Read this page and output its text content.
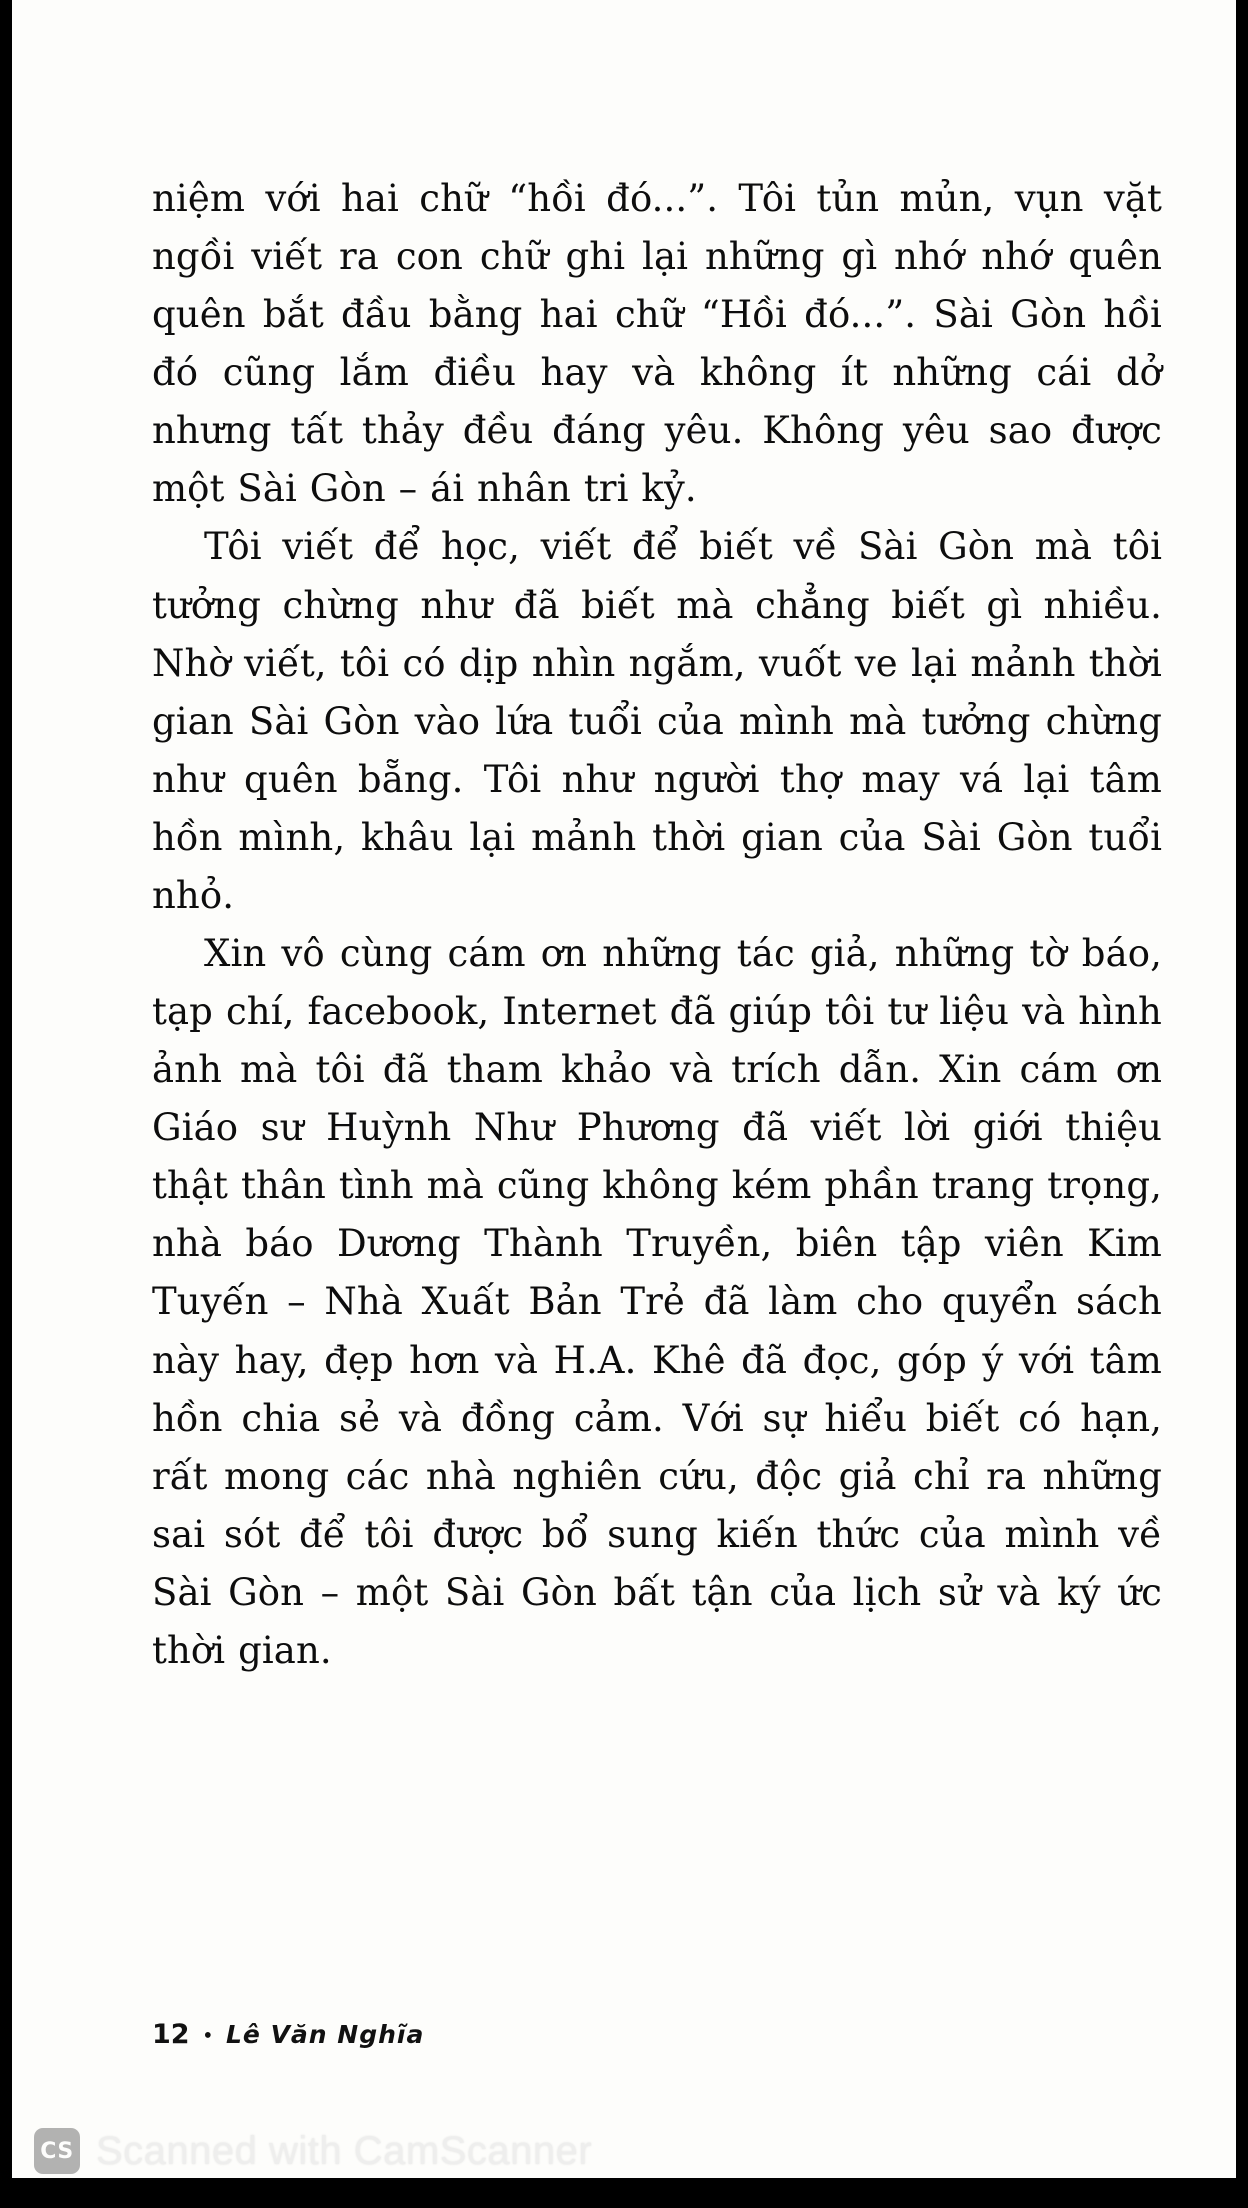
niệm với hai chữ “hồi đó...”. Tôi tủn mủn, vụn vặt ngồi viết ra con chữ ghi lại những gì nhớ nhớ quên quên bắt đầu bằng hai chữ “Hồi đó...”. Sài Gòn hồi đó cũng lắm điều hay và không ít những cái dở nhưng tất thảy đều đáng yêu. Không yêu sao được một Sài Gòn – ái nhân tri kỷ.

Tôi viết để học, viết để biết về Sài Gòn mà tôi tưởng chừng như đã biết mà chẳng biết gì nhiều. Nhờ viết, tôi có dịp nhìn ngắm, vuốt ve lại mảnh thời gian Sài Gòn vào lứa tuổi của mình mà tưởng chừng như quên bẵng. Tôi như người thợ may vá lại tâm hồn mình, khâu lại mảnh thời gian của Sài Gòn tuổi nhỏ.

Xin vô cùng cám ơn những tác giả, những tờ báo, tạp chí, facebook, Internet đã giúp tôi tư liệu và hình ảnh mà tôi đã tham khảo và trích dẫn. Xin cám ơn Giáo sư Huỳnh Như Phương đã viết lời giới thiệu thật thân tình mà cũng không kém phần trang trọng, nhà báo Dương Thành Truyền, biên tập viên Kim Tuyến – Nhà Xuất Bản Trẻ đã làm cho quyển sách này hay, đẹp hơn và H.A. Khê đã đọc, góp ý với tâm hồn chia sẻ và đồng cảm. Với sự hiểu biết có hạn, rất mong các nhà nghiên cứu, độc giả chỉ ra những sai sót để tôi được bổ sung kiến thức của mình về Sài Gòn – một Sài Gòn bất tận của lịch sử và ký ức thời gian.

12 • Lê Văn Nghĩa
CS Scanned with CamScanner
